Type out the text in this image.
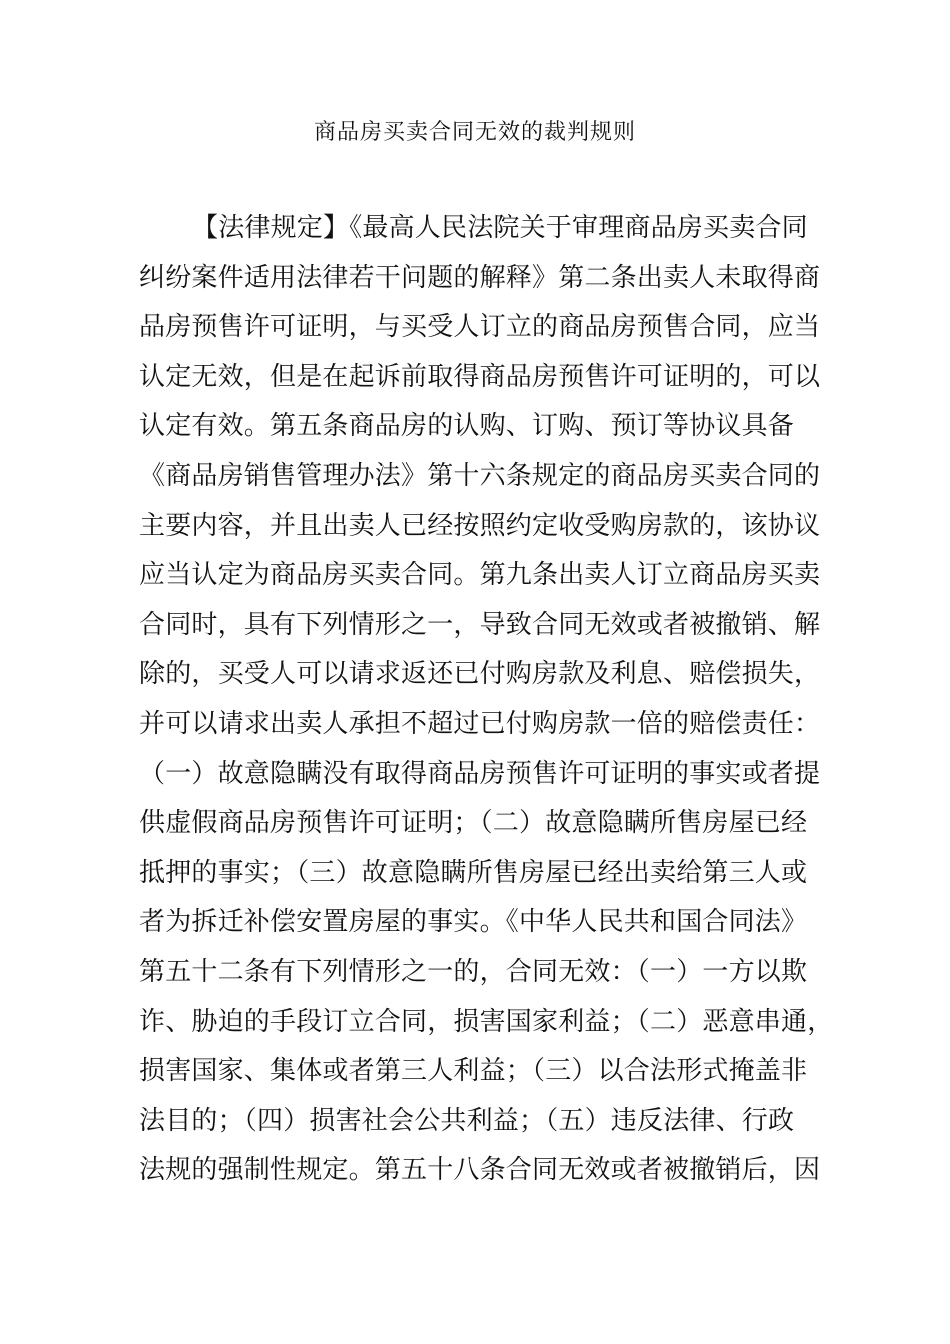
商品房买卖合同无效的裁判规则
【法律规定】《最高人民法院关于审理商品房买卖合同
纠纷案件适用法律若干问题的解释》第二条出卖人未取得商
品房预售许可证明，与买受人订立的商品房预售合同，应当
认定无效，但是在起诉前取得商品房预售许可证明的，可以
认定有效。第五条商品房的认购、订购、预订等协议具备
《商品房销售管理办法》第十六条规定的商品房买卖合同的
主要内容，并且出卖人已经按照约定收受购房款的，该协议
应当认定为商品房买卖合同。第九条出卖人订立商品房买卖
合同时，具有下列情形之一，导致合同无效或者被撤销、解
除的，买受人可以请求返还已付购房款及利息、赔偿损失，
并可以请求出卖人承担不超过已付购房款一倍的赔偿责任：
（一）故意隐瞒没有取得商品房预售许可证明的事实或者提
供虚假商品房预售许可证明；（二）故意隐瞒所售房屋已经
抵押的事实；（三）故意隐瞒所售房屋已经出卖给第三人或
者为拆迁补偿安置房屋的事实。《中华人民共和国合同法》
第五十二条有下列情形之一的，合同无效：（一）一方以欺
诈、胁迫的手段订立合同，损害国家利益；（二）恶意串通，
损害国家、集体或者第三人利益；（三）以合法形式掩盖非
法目的；（四）损害社会公共利益；（五）违反法律、行政
法规的强制性规定。第五十八条合同无效或者被撤销后，因
